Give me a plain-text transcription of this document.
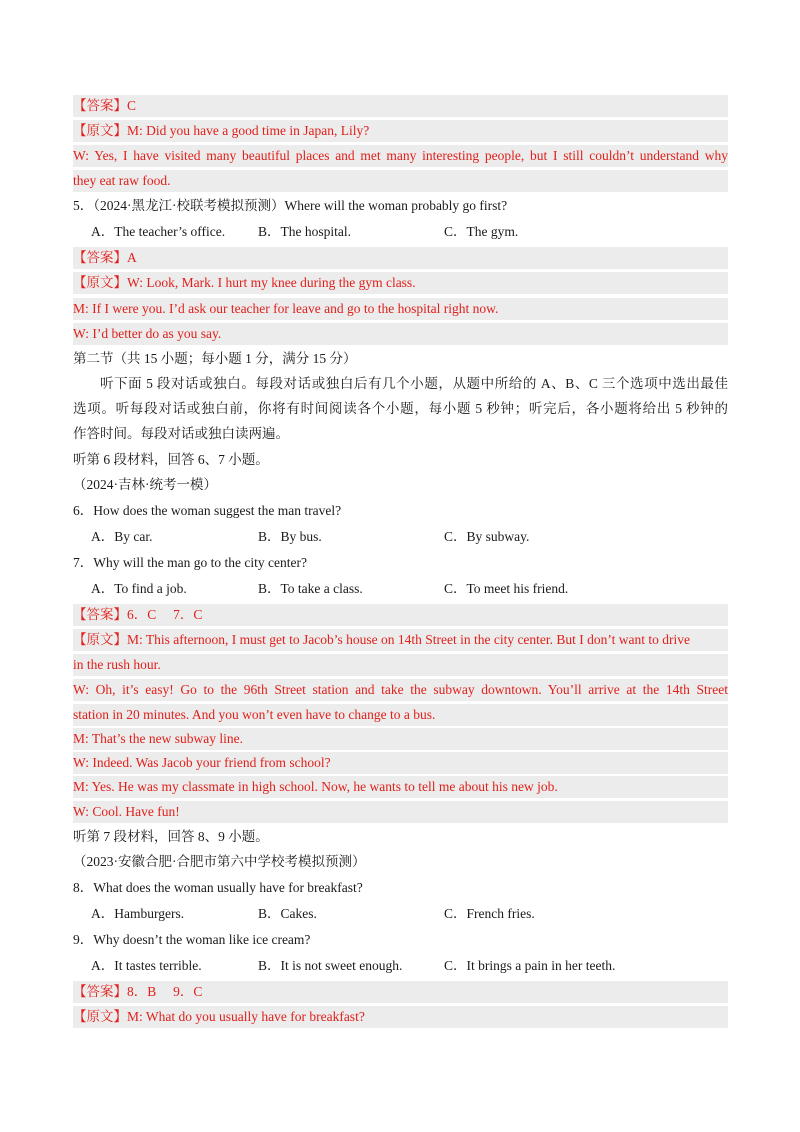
【答案】C
【原文】M: Did you have a good time in Japan, Lily?
W: Yes, I have visited many beautiful places and met many interesting people, but I still couldn’t understand why
they eat raw food.
5．（2024·黑龙江·校联考模拟预测）Where will the woman probably go first?
A．The teacher’s office. B．The hospital.	C．The gym.
【答案】A
【原文】W: Look, Mark. I hurt my knee during the gym class.
M: If I were you. I’d ask our teacher for leave and go to the hospital right now.
W: I’d better do as you say.
第二节（共 15 小题；每小题 1 分，满分 15 分）
听下面 5 段对话或独白。每段对话或独白后有几个小题，从题中所给的 A、B、C 三个选项中选出最佳
选项。听每段对话或独白前，你将有时间阅读各个小题，每小题 5 秒钟；听完后，各小题将给出 5 秒钟的
作答时间。每段对话或独白读两遍。
听第 6 段材料，回答 6、7 小题。
（2024·吉林·统考一模）
6．How does the woman suggest the man travel?
A．By car.	B．By bus.	C．By subway.
7．Why will the man go to the city center?
A．To find a job.	B．To take a class.	C．To meet his friend.
【答案】6．C　 7．C
【原文】M: This afternoon, I must get to Jacob’s house on 14th Street in the city center. But I don’t want to drive
in the rush hour.
W: Oh, it’s easy! Go to the 96th Street station and take the subway downtown. You’ll arrive at the 14th Street
station in 20 minutes. And you won’t even have to change to a bus.
M: That’s the new subway line.
W: Indeed. Was Jacob your friend from school?
M: Yes. He was my classmate in high school. Now, he wants to tell me about his new job.
W: Cool. Have fun!
听第 7 段材料，回答 8、9 小题。
（2023·安徽合肥·合肥市第六中学校考模拟预测）
8．What does the woman usually have for breakfast?
A．Hamburgers.	B．Cakes.	C．French fries.
9．Why doesn’t the woman like ice cream?
A．It tastes terrible.	B．It is not sweet enough.	C．It brings a pain in her teeth.
【答案】8．B　 9．C
【原文】M: What do you usually have for breakfast?
